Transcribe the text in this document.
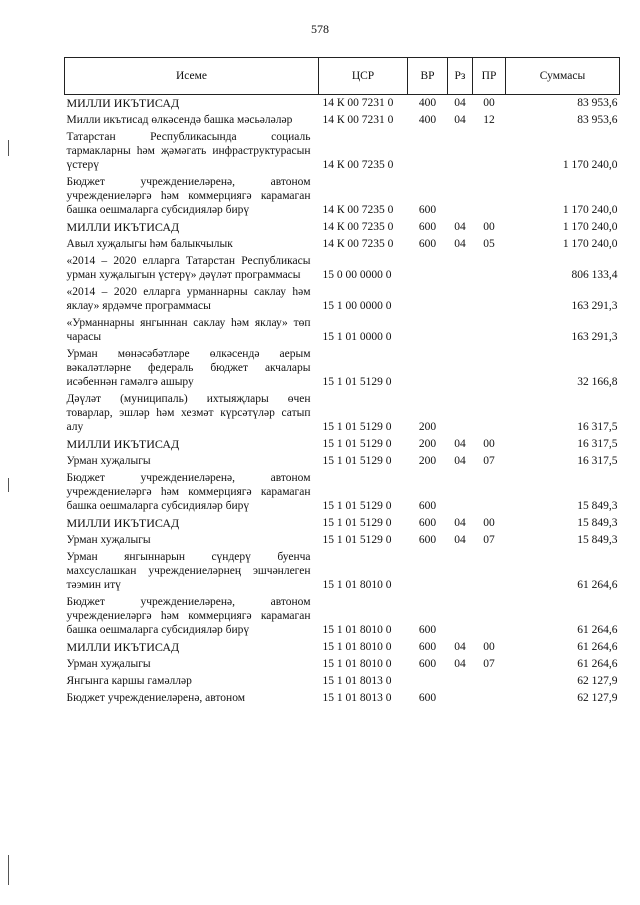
578
Исеме	ЦСР	ВР	Рз	ПР	Суммасы
МИЛЛИ ИКЪТИСАД	14 К 00 7231 0	400	04	00	83 953,6
Милли икътисад өлкәсендә башка мәсьәләләр	14 К 00 7231 0	400	04	12	83 953,6
Татарстан Республикасында социаль тармакларны һәм җәмәгать инфраструктурасын үстерү	14 К 00 7235 0				1 170 240,0
Бюджет учреждениеләренә, автоном учреждениеләргә һәм коммерциягә карамаган башка оешмаларга субсидияләр бирү	14 К 00 7235 0	600			1 170 240,0
МИЛЛИ ИКЪТИСАД	14 К 00 7235 0	600	04	00	1 170 240,0
Авыл хуҗалыгы һәм балыкчылык	14 К 00 7235 0	600	04	05	1 170 240,0
«2014 – 2020 елларга Татарстан Республикасы урман хуҗалыгын үстерү» дәүләт программасы	15 0 00 0000 0				806 133,4
«2014 – 2020 елларга урманнарны саклау һәм яклау» ярдәмче программасы	15 1 00 0000 0				163 291,3
«Урманнарны янгыннан саклау һәм яклау» төп чарасы	15 1 01 0000 0				163 291,3
Урман мөнәсәбәтләре өлкәсендә аерым вәкаләтләрне федераль бюджет акчалары исәбеннән гамәлгә ашыру	15 1 01 5129 0				32 166,8
Дәүләт (муниципаль) ихтыяҗлары өчен товарлар, эшләр һәм хезмәт күрсәтүләр сатып алу	15 1 01 5129 0	200			16 317,5
МИЛЛИ ИКЪТИСАД	15 1 01 5129 0	200	04	00	16 317,5
Урман хуҗалыгы	15 1 01 5129 0	200	04	07	16 317,5
Бюджет учреждениеләренә, автоном учреждениеләргә һәм коммерциягә карамаган башка оешмаларга субсидияләр бирү	15 1 01 5129 0	600			15 849,3
МИЛЛИ ИКЪТИСАД	15 1 01 5129 0	600	04	00	15 849,3
Урман хуҗалыгы	15 1 01 5129 0	600	04	07	15 849,3
Урман янгыннарын сүндерү буенча махсуслашкан учреждениеләрнең эшчәнлеген тәэмин итү	15 1 01 8010 0				61 264,6
Бюджет учреждениеләренә, автоном учреждениеләргә һәм коммерциягә карамаган башка оешмаларга субсидияләр бирү	15 1 01 8010 0	600			61 264,6
МИЛЛИ ИКЪТИСАД	15 1 01 8010 0	600	04	00	61 264,6
Урман хуҗалыгы	15 1 01 8010 0	600	04	07	61 264,6
Янгынга каршы гамәлләр	15 1 01 8013 0				62 127,9
Бюджет учреждениеләренә, автоном	15 1 01 8013 0	600			62 127,9
